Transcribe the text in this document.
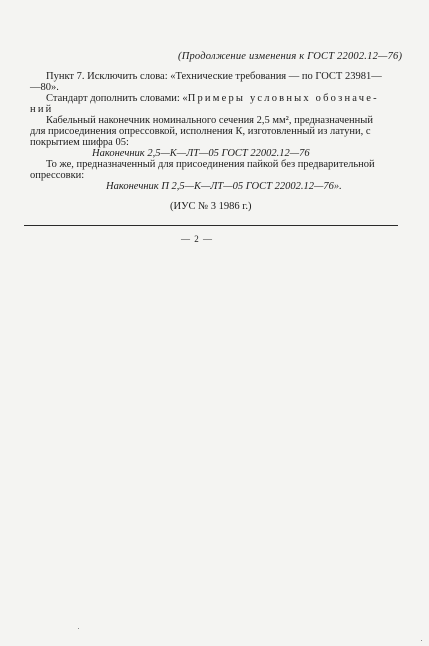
(Продолжение изменения к ГОСТ 22002.12—76)
Пункт 7. Исключить слова: «Технические требования — по ГОСТ 23981—
—80».
Стандарт дополнить словами: «Примеры условных обозначе-
ний
Кабельный наконечник номинального сечения 2,5 мм², предназначенный
для присоединения опрессовкой, исполнения К, изготовленный из латуни, с
покрытием шифра 05:
Наконечник 2,5—К—ЛТ—05 ГОСТ 22002.12—76
То же, предназначенный для присоединения пайкой без предварительной
опрессовки:
Наконечник П 2,5—К—ЛТ—05 ГОСТ 22002.12—76».
(ИУС № 3 1986 г.)
— 2 —
